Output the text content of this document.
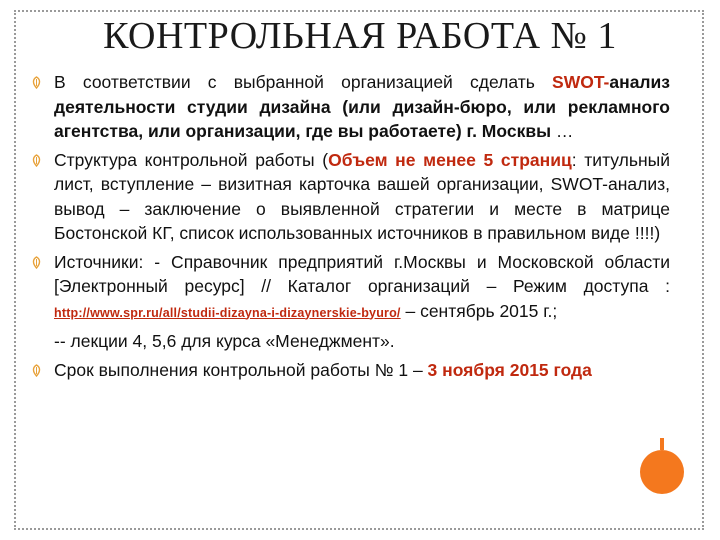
КОНТРОЛЬНАЯ РАБОТА № 1
В соответствии с выбранной организацией сделать SWOT-анализ деятельности студии дизайна (или дизайн-бюро, или рекламного агентства, или организации, где вы работаете) г. Москвы …
Структура контрольной работы (Объем не менее 5 страниц: титульный лист, вступление – визитная карточка вашей организации, SWOT-анализ, вывод – заключение о выявленной стратегии и месте в матрице Бостонской КГ, список использованных источников в правильном виде !!!!)
Источники: - Справочник предприятий г.Москвы и Московской области [Электронный ресурс] // Каталог организаций – Режим доступа : http://www.spr.ru/all/studii-dizayna-i-dizaynerskie-byuro/ – сентябрь 2015 г.;
-- лекции 4, 5,6 для курса «Менеджмент».
Срок выполнения контрольной работы № 1 – 3 ноября 2015 года
